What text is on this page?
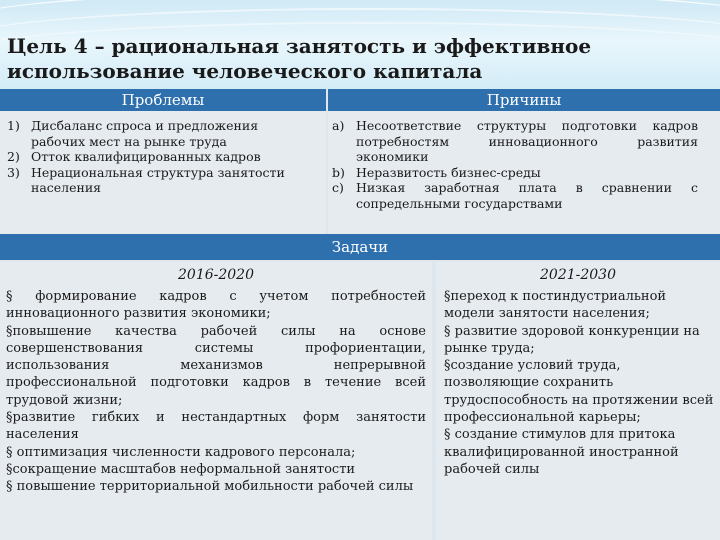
Цель 4 – рациональная занятость и эффективное использование человеческого капитала
Проблемы	Причины
1) Дисбаланс спроса и предложения рабочих мест на рынке труда
2) Отток квалифицированных кадров
3) Нерациональная структура занятости населения
a) Несоответствие структуры подготовки кадров потребностям инновационного развития экономики
b) Неразвитость бизнес-среды
c) Низкая заработная плата в сравнении с сопредельными государствами
Задачи

2016-2020

§ формирование кадров с учетом потребностей инновационного развития экономики;
§повышение качества рабочей силы на основе совершенствования системы профориентации, использования механизмов непрерывной профессиональной подготовки кадров в течение всей трудовой жизни;
§развитие гибких и нестандартных форм занятости населения
§ оптимизация численности кадрового персонала;
§сокращение масштабов неформальной занятости
§ повышение территориальной мобильности рабочей силы

2021-2030

§переход к постиндустриальной модели занятости населения;
§ развитие здоровой конкуренции на рынке труда;
§создание условий труда, позволяющие сохранить трудоспособность на протяжении всей профессиональной карьеры;
§ создание стимулов для притока квалифицированной иностранной рабочей силы
